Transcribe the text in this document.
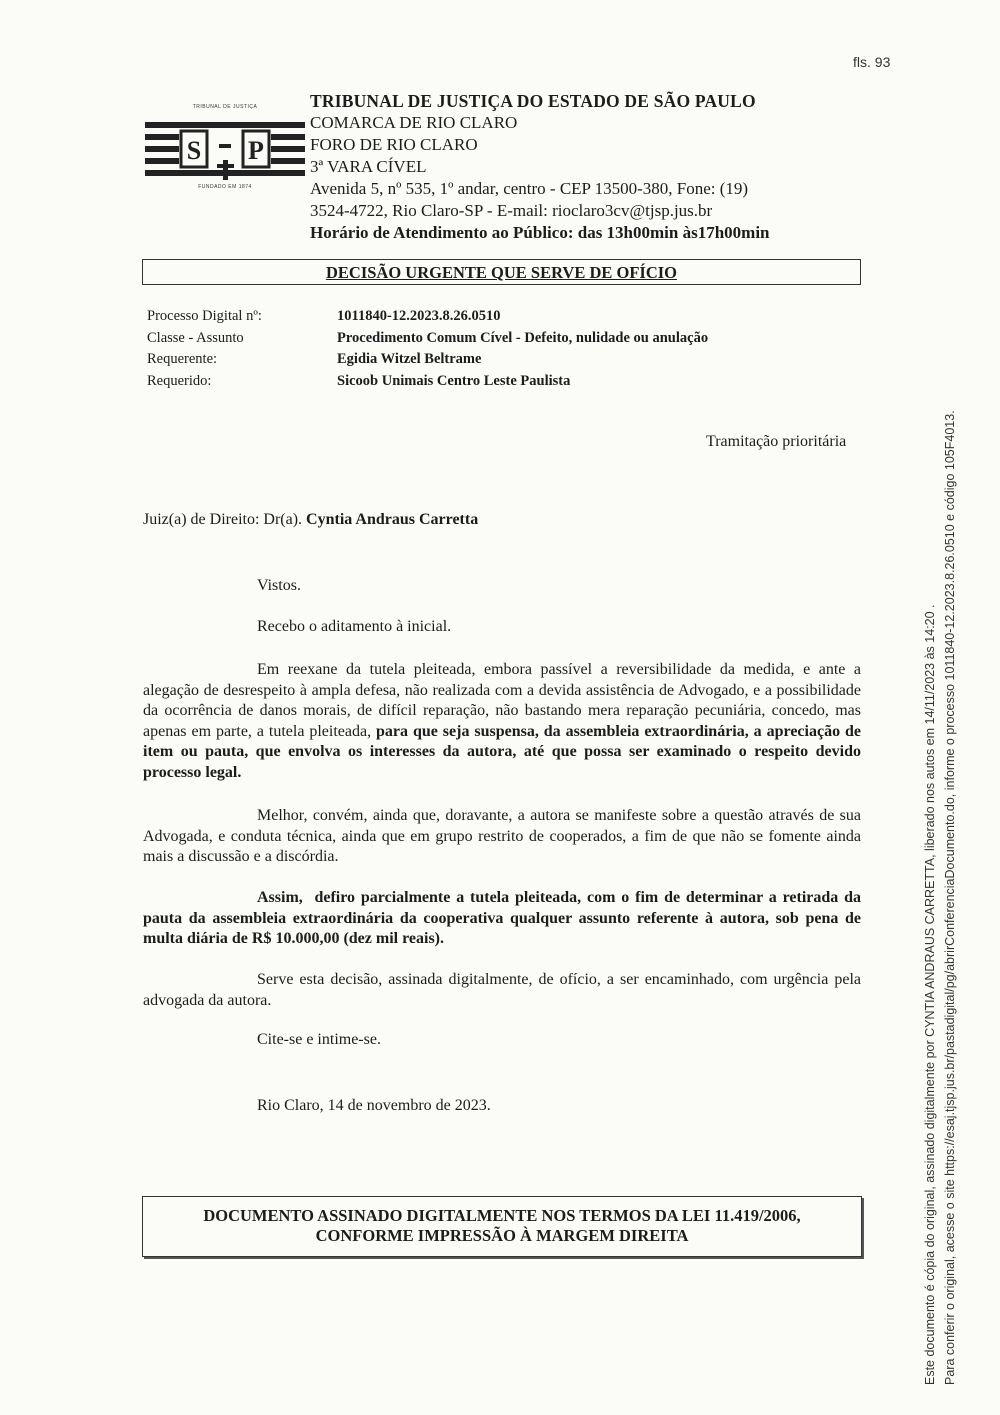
fls. 93
TRIBUNAL DE JUSTIÇA
S P
FUNDADO EM 1874
TRIBUNAL DE JUSTIÇA DO ESTADO DE SÃO PAULO
COMARCA DE RIO CLARO
FORO DE RIO CLARO
3ª VARA CÍVEL
Avenida 5, nº 535, 1º andar, centro - CEP 13500-380, Fone: (19)
3524-4722, Rio Claro-SP - E-mail: rioclaro3cv@tjsp.jus.br
Horário de Atendimento ao Público: das 13h00min às17h00min
DECISÃO URGENTE QUE SERVE DE OFÍCIO
Processo Digital nº:	1011840-12.2023.8.26.0510
Classe - Assunto	Procedimento Comum Cível - Defeito, nulidade ou anulação
Requerente:	Egidia Witzel Beltrame
Requerido:	Sicoob Unimais Centro Leste Paulista
Tramitação prioritária
Juiz(a) de Direito: Dr(a). Cyntia Andraus Carretta
Vistos.
Recebo o aditamento à inicial.
Em reexane da tutela pleiteada, embora passível a reversibilidade da medida, e ante a alegação de desrespeito à ampla defesa, não realizada com a devida assistência de Advogado, e a possibilidade da ocorrência de danos morais, de difícil reparação, não bastando mera reparação pecuniária, concedo, mas apenas em parte, a tutela pleiteada, para que seja suspensa, da assembleia extraordinária, a apreciação de item ou pauta, que envolva os interesses da autora, até que possa ser examinado o respeito devido processo legal.
Melhor, convém, ainda que, doravante, a autora se manifeste sobre a questão através de sua Advogada, e conduta técnica, ainda que em grupo restrito de cooperados, a fim de que não se fomente ainda mais a discussão e a discórdia.
Assim, defiro parcialmente a tutela pleiteada, com o fim de determinar a retirada da pauta da assembleia extraordinária da cooperativa qualquer assunto referente à autora, sob pena de multa diária de R$ 10.000,00 (dez mil reais).
Serve esta decisão, assinada digitalmente, de ofício, a ser encaminhado, com urgência pela advogada da autora.
Cite-se e intime-se.
Rio Claro, 14 de novembro de 2023.
DOCUMENTO ASSINADO DIGITALMENTE NOS TERMOS DA LEI 11.419/2006,
CONFORME IMPRESSÃO À MARGEM DIREITA	Este documento é cópia do original, assinado digitalmente por CYNTIA ANDRAUS CARRETTA, liberado nos autos em 14/11/2023 às 14:20 . Para conferir o original, acesse o site https://esaj.tjsp.jus.br/pastadigital/pg/abrirConferenciaDocumento.do, informe o processo 1011840-12.2023.8.26.0510 e código 105F4013.
